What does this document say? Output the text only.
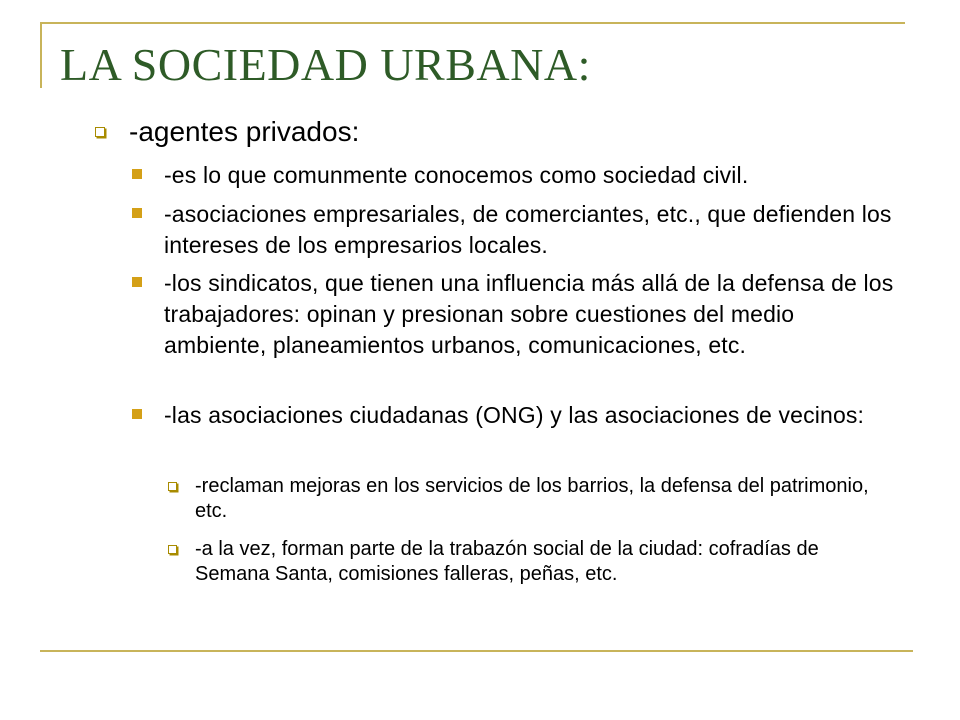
LA SOCIEDAD URBANA:
-agentes privados:
-es lo que comunmente conocemos como sociedad civil.
-asociaciones empresariales, de comerciantes, etc., que defienden los intereses de los empresarios locales.
-los sindicatos, que tienen una influencia más allá de la defensa de los trabajadores: opinan y presionan sobre cuestiones del medio ambiente, planeamientos urbanos, comunicaciones, etc.
-las asociaciones ciudadanas (ONG) y las asociaciones de vecinos:
-reclaman mejoras en los servicios de los barrios, la defensa del patrimonio, etc.
-a la vez, forman parte de la trabazón social de la ciudad: cofradías de Semana Santa, comisiones falleras, peñas, etc.
